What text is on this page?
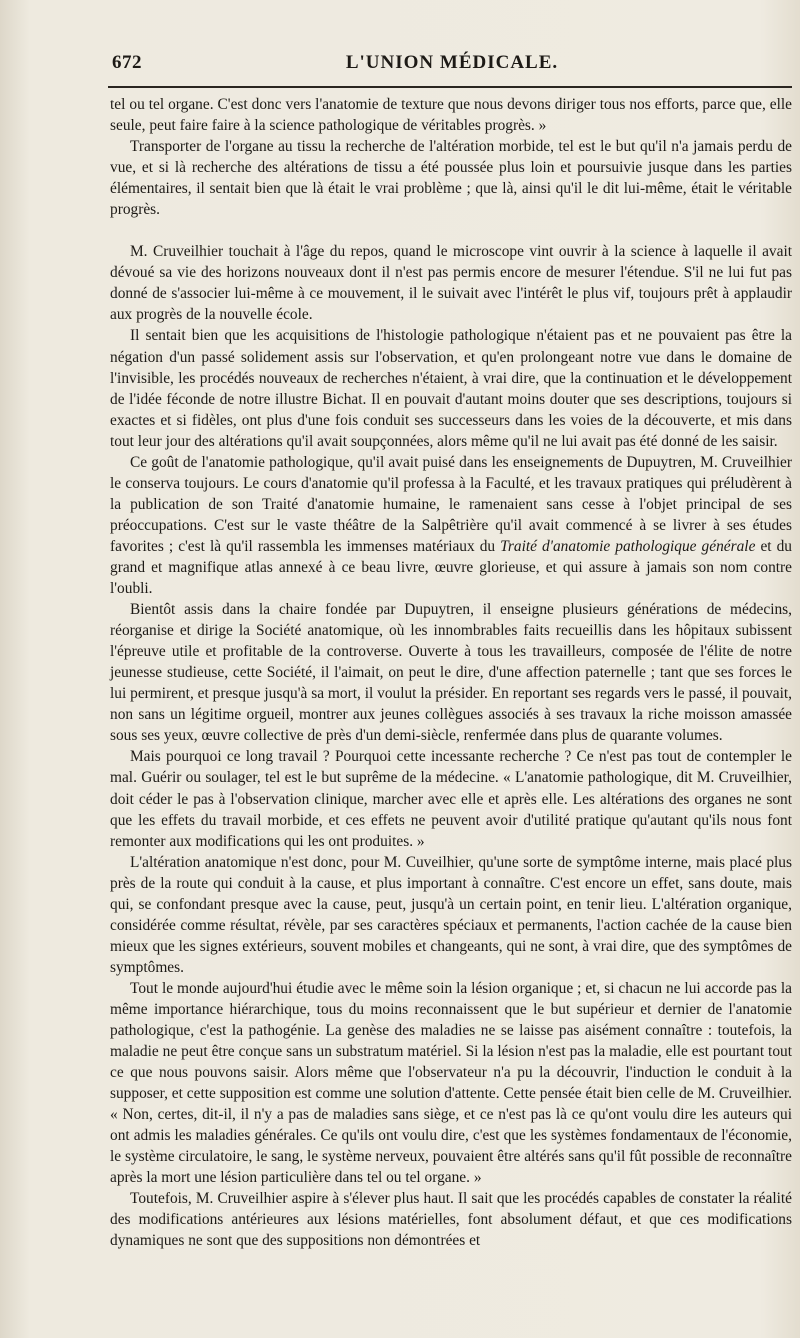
672	L'UNION MÉDICALE.

tel ou tel organe. C'est donc vers l'anatomie de texture que nous devons diriger tous nos efforts, parce que, elle seule, peut faire faire à la science pathologique de véritables progrès. »

Transporter de l'organe au tissu la recherche de l'altération morbide, tel est le but qu'il n'a jamais perdu de vue, et si là recherche des altérations de tissu a été poussée plus loin et poursuivie jusque dans les parties élémentaires, il sentait bien que là était le vrai problème ; que là, ainsi qu'il le dit lui-même, était le véritable progrès.

M. Cruveilhier touchait à l'âge du repos, quand le microscope vint ouvrir à la science à laquelle il avait dévoué sa vie des horizons nouveaux dont il n'est pas permis encore de mesurer l'étendue. S'il ne lui fut pas donné de s'associer lui-même à ce mouvement, il le suivait avec l'intérêt le plus vif, toujours prêt à applaudir aux progrès de la nouvelle école.

Il sentait bien que les acquisitions de l'histologie pathologique n'étaient pas et ne pouvaient pas être la négation d'un passé solidement assis sur l'observation, et qu'en prolongeant notre vue dans le domaine de l'invisible, les procédés nouveaux de recherches n'étaient, à vrai dire, que la continuation et le développement de l'idée féconde de notre illustre Bichat. Il en pouvait d'autant moins douter que ses descriptions, toujours si exactes et si fidèles, ont plus d'une fois conduit ses successeurs dans les voies de la découverte, et mis dans tout leur jour des altérations qu'il avait soupçonnées, alors même qu'il ne lui avait pas été donné de les saisir.

Ce goût de l'anatomie pathologique, qu'il avait puisé dans les enseignements de Dupuytren, M. Cruveilhier le conserva toujours. Le cours d'anatomie qu'il professa à la Faculté, et les travaux pratiques qui préludèrent à la publication de son Traité d'anatomie humaine, le ramenaient sans cesse à l'objet principal de ses préoccupations. C'est sur le vaste théâtre de la Salpêtrière qu'il avait commencé à se livrer à ses études favorites ; c'est là qu'il rassembla les immenses matériaux du Traité d'anatomie pathologique générale et du grand et magnifique atlas annexé à ce beau livre, œuvre glorieuse, et qui assure à jamais son nom contre l'oubli.

Bientôt assis dans la chaire fondée par Dupuytren, il enseigne plusieurs générations de médecins, réorganise et dirige la Société anatomique, où les innombrables faits recueillis dans les hôpitaux subissent l'épreuve utile et profitable de la controverse. Ouverte à tous les travailleurs, composée de l'élite de notre jeunesse studieuse, cette Société, il l'aimait, on peut le dire, d'une affection paternelle ; tant que ses forces le lui permirent, et presque jusqu'à sa mort, il voulut la présider. En reportant ses regards vers le passé, il pouvait, non sans un légitime orgueil, montrer aux jeunes collègues associés à ses travaux la riche moisson amassée sous ses yeux, œuvre collective de près d'un demi-siècle, renfermée dans plus de quarante volumes.

Mais pourquoi ce long travail ? Pourquoi cette incessante recherche ? Ce n'est pas tout de contempler le mal. Guérir ou soulager, tel est le but suprême de la médecine. « L'anatomie pathologique, dit M. Cruveilhier, doit céder le pas à l'observation clinique, marcher avec elle et après elle. Les altérations des organes ne sont que les effets du travail morbide, et ces effets ne peuvent avoir d'utilité pratique qu'autant qu'ils nous font remonter aux modifications qui les ont produites. »

L'altération anatomique n'est donc, pour M. Cuveilhier, qu'une sorte de symptôme interne, mais placé plus près de la route qui conduit à la cause, et plus important à connaître. C'est encore un effet, sans doute, mais qui, se confondant presque avec la cause, peut, jusqu'à un certain point, en tenir lieu. L'altération organique, considérée comme résultat, révèle, par ses caractères spéciaux et permanents, l'action cachée de la cause bien mieux que les signes extérieurs, souvent mobiles et changeants, qui ne sont, à vrai dire, que des symptômes de symptômes.

Tout le monde aujourd'hui étudie avec le même soin la lésion organique ; et, si chacun ne lui accorde pas la même importance hiérarchique, tous du moins reconnaissent que le but supérieur et dernier de l'anatomie pathologique, c'est la pathogénie. La genèse des maladies ne se laisse pas aisément connaître : toutefois, la maladie ne peut être conçue sans un substratum matériel. Si la lésion n'est pas la maladie, elle est pourtant tout ce que nous pouvons saisir. Alors même que l'observateur n'a pu la découvrir, l'induction le conduit à la supposer, et cette supposition est comme une solution d'attente. Cette pensée était bien celle de M. Cruveilhier. « Non, certes, dit-il, il n'y a pas de maladies sans siège, et ce n'est pas là ce qu'ont voulu dire les auteurs qui ont admis les maladies générales. Ce qu'ils ont voulu dire, c'est que les systèmes fondamentaux de l'économie, le système circulatoire, le sang, le système nerveux, pouvaient être altérés sans qu'il fût possible de reconnaître après la mort une lésion particulière dans tel ou tel organe. »

Toutefois, M. Cruveilhier aspire à s'élever plus haut. Il sait que les procédés capables de constater la réalité des modifications antérieures aux lésions matérielles, font absolument défaut, et que ces modifications dynamiques ne sont que des suppositions non démontrées et
